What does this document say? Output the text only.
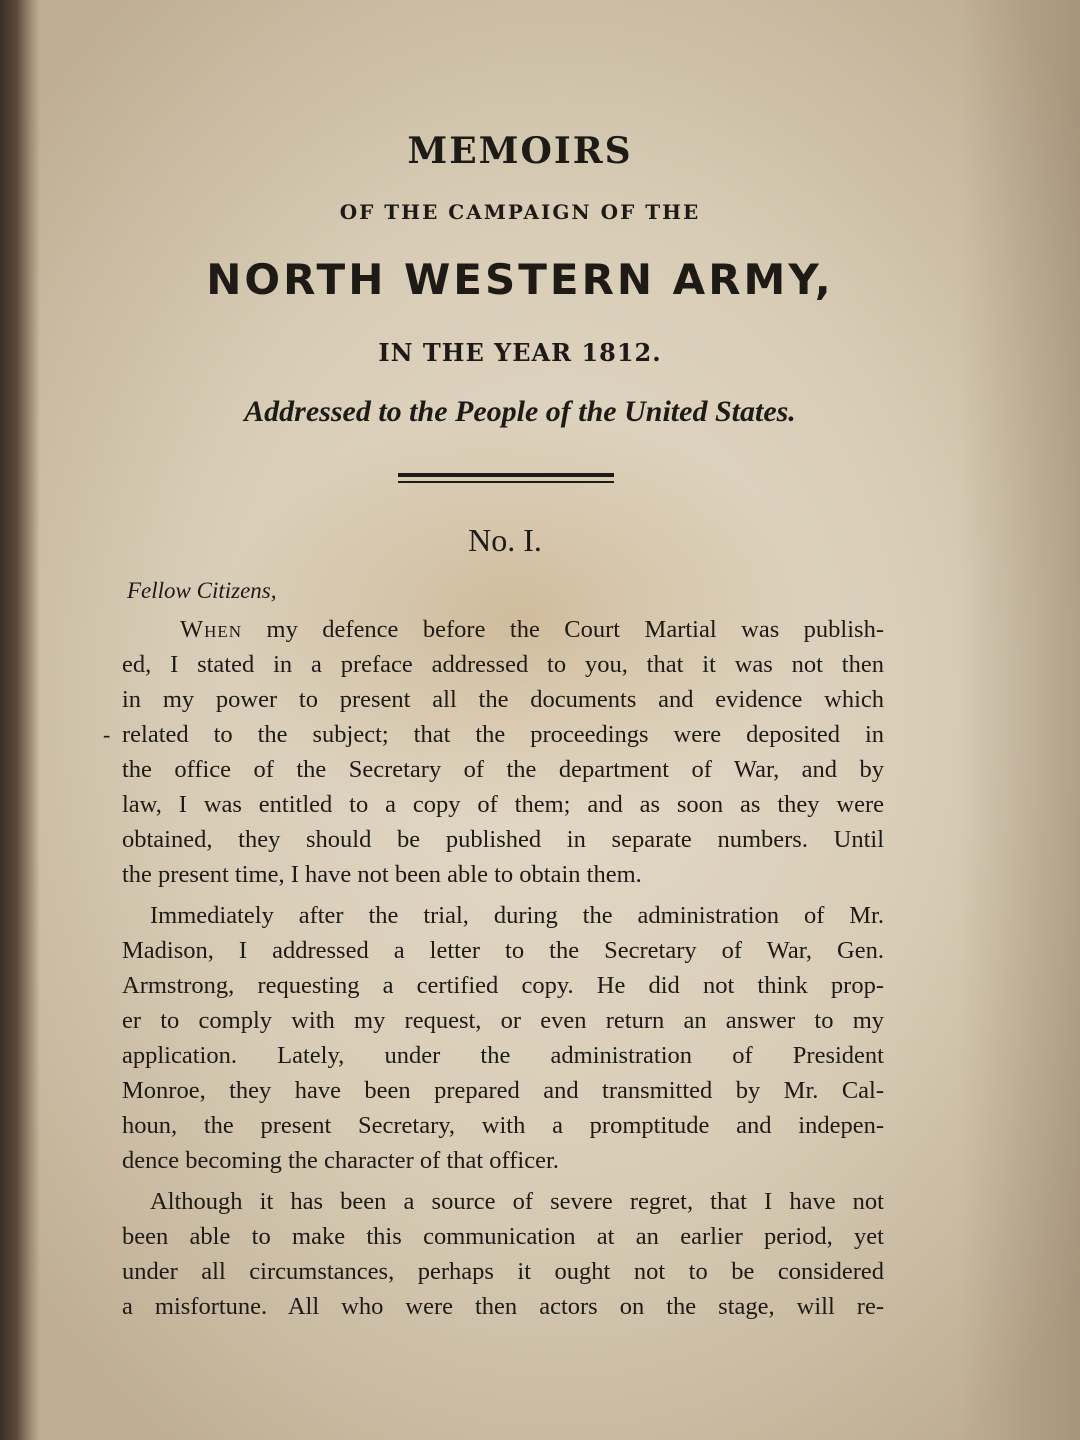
MEMOIRS
OF THE CAMPAIGN OF THE
NORTH WESTERN ARMY,
IN THE YEAR 1812.
Addressed to the People of the United States.
No. I.
Fellow Citizens,
-
When my defence before the Court Martial was publish-
ed, I stated in a preface addressed to you, that it was not then
in my power to present all the documents and evidence which
related to the subject; that the proceedings were deposited in
the office of the Secretary of the department of War, and by
law, I was entitled to a copy of them; and as soon as they were
obtained, they should be published in separate numbers. Until
the present time, I have not been able to obtain them.
Immediately after the trial, during the administration of Mr.
Madison, I addressed a letter to the Secretary of War, Gen.
Armstrong, requesting a certified copy. He did not think prop-
er to comply with my request, or even return an answer to my
application. Lately, under the administration of President
Monroe, they have been prepared and transmitted by Mr. Cal-
houn, the present Secretary, with a promptitude and indepen-
dence becoming the character of that officer.
Although it has been a source of severe regret, that I have not
been able to make this communication at an earlier period, yet
under all circumstances, perhaps it ought not to be considered
a misfortune. All who were then actors on the stage, will re-
